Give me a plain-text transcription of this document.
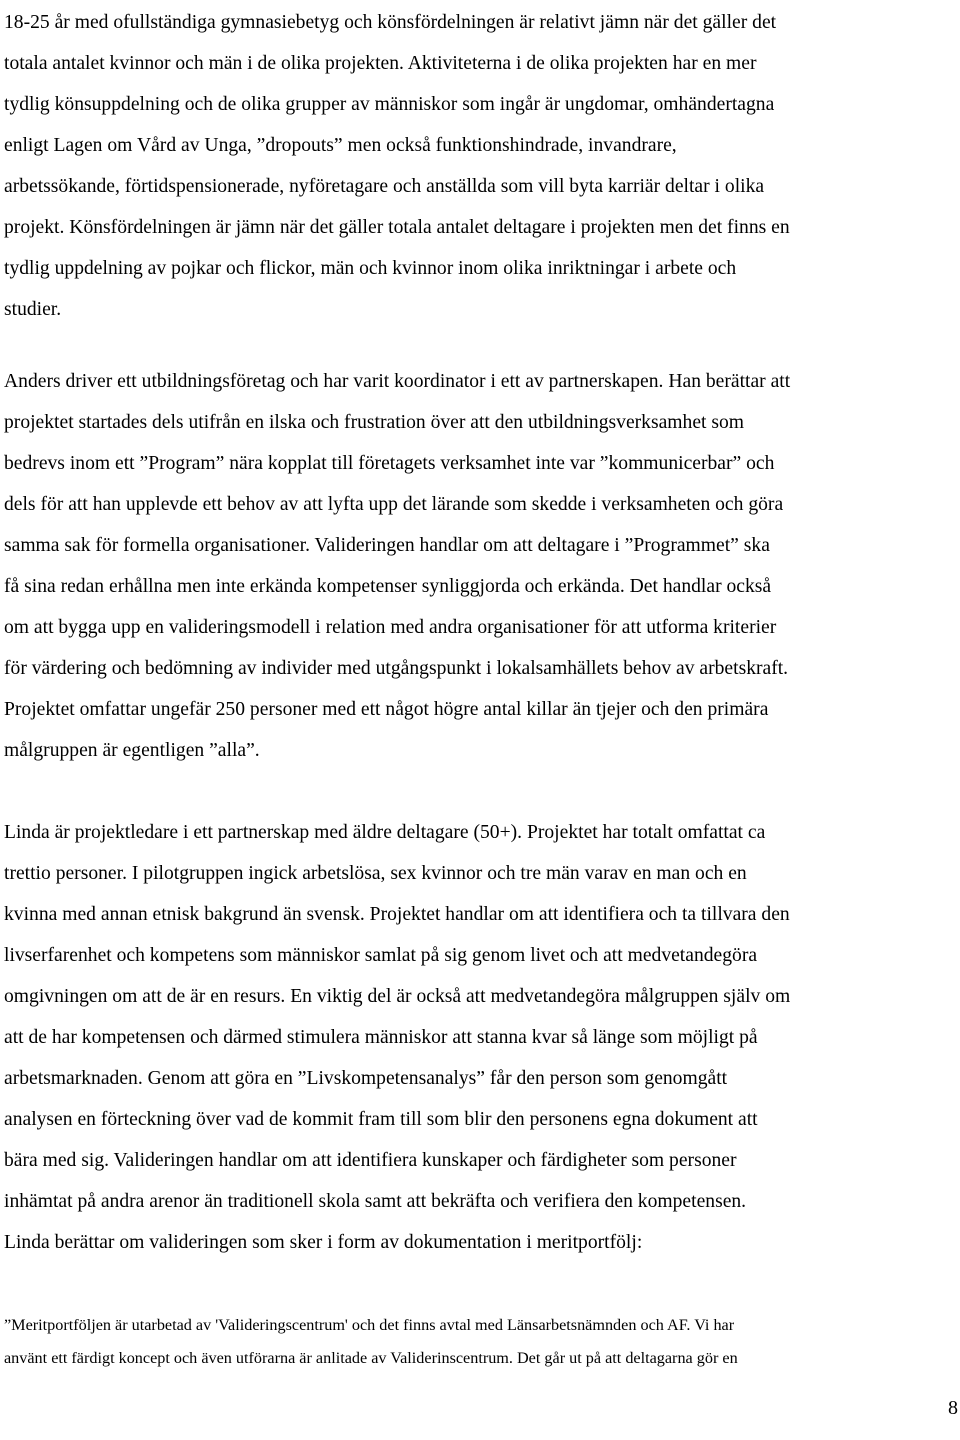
18-25 år med ofullständiga gymnasiebetyg och könsfördelningen är relativt jämn när det gäller det
totala antalet kvinnor och män i de olika projekten. Aktiviteterna i de olika projekten har en mer
tydlig könsuppdelning och de olika grupper av människor som ingår är ungdomar, omhändertagna
enligt Lagen om Vård av Unga, ”dropouts” men också funktionshindrade, invandrare,
arbetssökande, förtidspensionerade, nyföretagare och anställda som vill byta karriär deltar i olika
projekt. Könsfördelningen är jämn när det gäller totala antalet deltagare i projekten men det finns en
tydlig uppdelning av pojkar och flickor, män och kvinnor inom olika inriktningar i arbete och
studier.

Anders driver ett utbildningsföretag och har varit koordinator i ett av partnerskapen. Han berättar att
projektet startades dels utifrån en ilska och frustration över att den utbildningsverksamhet som
bedrevs inom ett ”Program” nära kopplat till företagets verksamhet inte var ”kommunicerbar” och
dels för att han upplevde ett behov av att lyfta upp det lärande som skedde i verksamheten och göra
samma sak för formella organisationer. Valideringen handlar om att deltagare i ”Programmet” ska
få sina redan erhållna men inte erkända kompetenser synliggjorda och erkända. Det handlar också
om att bygga upp en valideringsmodell i relation med andra organisationer för att utforma kriterier
för värdering och bedömning av individer med utgångspunkt i lokalsamhällets behov av arbetskraft.
Projektet omfattar ungefär 250 personer med ett något högre antal killar än tjejer och den primära
målgruppen är egentligen ”alla”.

Linda är projektledare i ett partnerskap med äldre deltagare (50+). Projektet har totalt omfattat ca
trettio personer. I pilotgruppen ingick arbetslösa, sex kvinnor och tre män varav en man och en
kvinna med annan etnisk bakgrund än svensk. Projektet handlar om att identifiera och ta tillvara den
livserfarenhet och kompetens som människor samlat på sig genom livet och att medvetandegöra
omgivningen om att de är en resurs. En viktig del är också att medvetandegöra målgruppen själv om
att de har kompetensen och därmed stimulera människor att stanna kvar så länge som möjligt på
arbetsmarknaden. Genom att göra en ”Livskompetensanalys” får den person som genomgått
analysen en förteckning över vad de kommit fram till som blir den personens egna dokument att
bära med sig. Valideringen handlar om att identifiera kunskaper och färdigheter som personer
inhämtat på andra arenor än traditionell skola samt att bekräfta och verifiera den kompetensen.
Linda berättar om valideringen som sker i form av dokumentation i meritportfölj:

”Meritportföljen är utarbetad av 'Valideringscentrum' och det finns avtal med Länsarbetsnämnden och AF. Vi har
använt ett färdigt koncept och även utförarna är anlitade av Validerinscentrum. Det går ut på att deltagarna gör en

8
